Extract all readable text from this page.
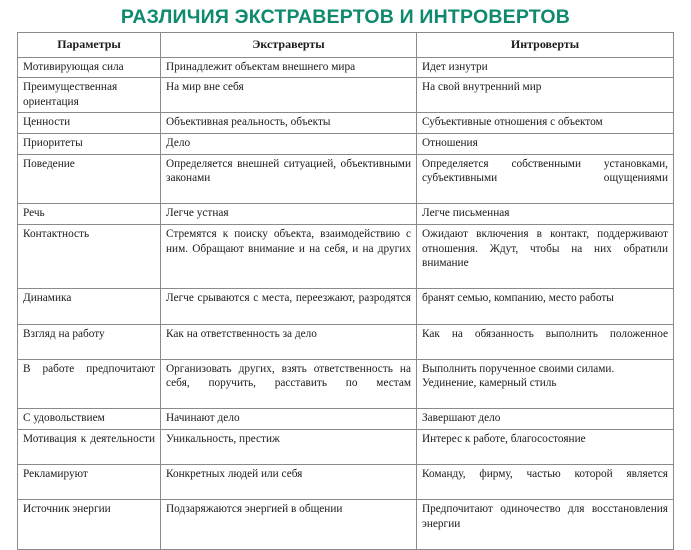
РАЗЛИЧИЯ ЭКСТРАВЕРТОВ И ИНТРОВЕРТОВ
Параметры	Экстраверты	Интроверты
Мотивирующая сила	Принадлежит объектам внешнего мира	Идет изнутри
Преимущественная ориентация	На мир вне себя	На свой внутренний мир
Ценности	Объективная реальность, объекты	Субъективные отношения с объектом
Приоритеты	Дело	Отношения
Поведение	Определяется внешней ситуацией, объективными законами	Определяется собственными установками, субъективными ощущениями
Речь	Легче устная	Легче письменная
Контактность	Стремятся к поиску объекта, взаимодействию с ним. Обращают внимание и на себя, и на других	Ожидают включения в контакт, поддерживают отношения. Ждут, чтобы на них обратили внимание
Динамика	Легче срываются с места, переезжают, разродятся	бранят семью, компанию, место работы
Взгляд на работу	Как на ответственность за дело	Как на обязанность выполнить положенное
В работе предпочитают	Организовать других, взять ответственность на себя, поручить, расставить по местам	Выполнить порученное своими силами. Уединение, камерный стиль
С удовольствием	Начинают дело	Завершают дело
Мотивация к деятельности	Уникальность, престиж	Интерес к работе, благосостояние
Рекламируют	Конкретных людей или себя	Команду, фирму, частью которой является
Источник энергии	Подзаряжаются энергией в общении	Предпочитают одиночество для восстановления энергии
